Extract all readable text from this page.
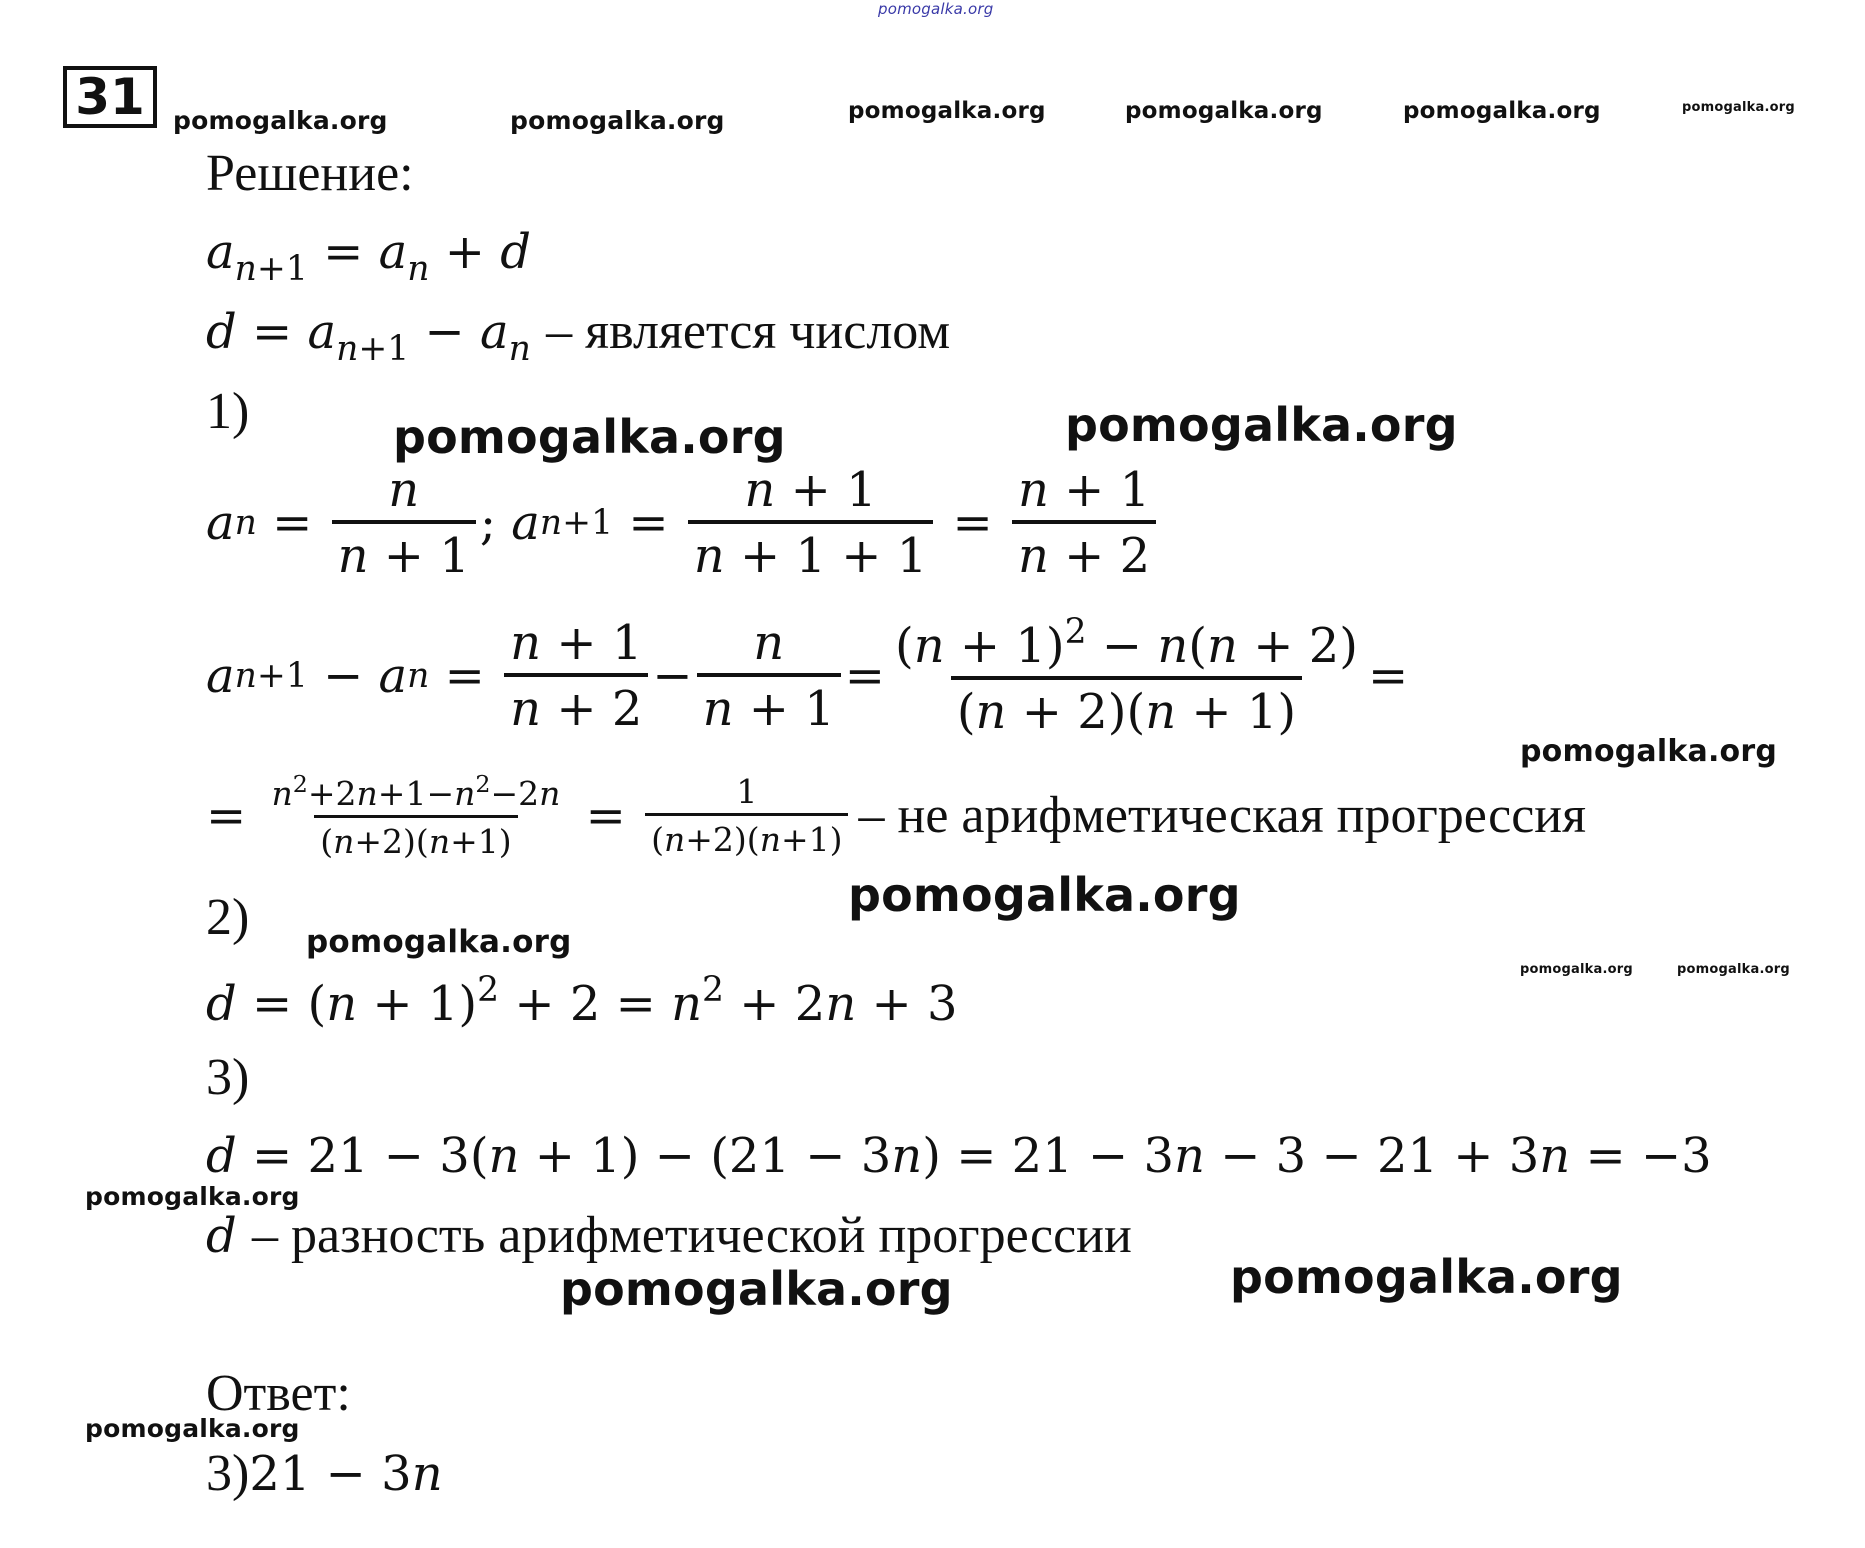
pomogalka.org
pomogalka.org	pomogalka.org	pomogalka.org	pomogalka.org	pomogalka.org	pomogalka.org
pomogalka.org	pomogalka.org
pomogalka.org
pomogalka.org
pomogalka.org
pomogalka.org	pomogalka.org
pomogalka.org
pomogalka.org	pomogalka.org
pomogalka.org
31
Решение:
$a_{n+1} = a_n + d$
$d = a_{n+1} - a_n$ – является числом
1)
a $n = \frac{n}{n + 1}$ ; a $n+1 = \frac{n + 1}{n + 1 + 1} = \frac{n + 1}{n + 2}$
a n+1 − a $n = \frac{n + 1}{n + 2} - \frac{n}{n + 1} = \frac{(n + 1)^2 - n(n + 2)}{(n + 2)(n + 1)}$ =
= $\frac{n^2+2n+1-n^2-2n}{(n+2)(n+1)} = \frac{1}{(n+2)(n+1)}$ – не арифметическая прогрессия
2)
$d = (n + 1)^2 + 2 = n^2 + 2n + 3$
3)
d = 21 − 3(n + 1) − (21 − 3n) = 21 − 3n − 3 − 21 + 3n = −3
d – разность арифметической прогрессии
Ответ:
3)21 − 3n
